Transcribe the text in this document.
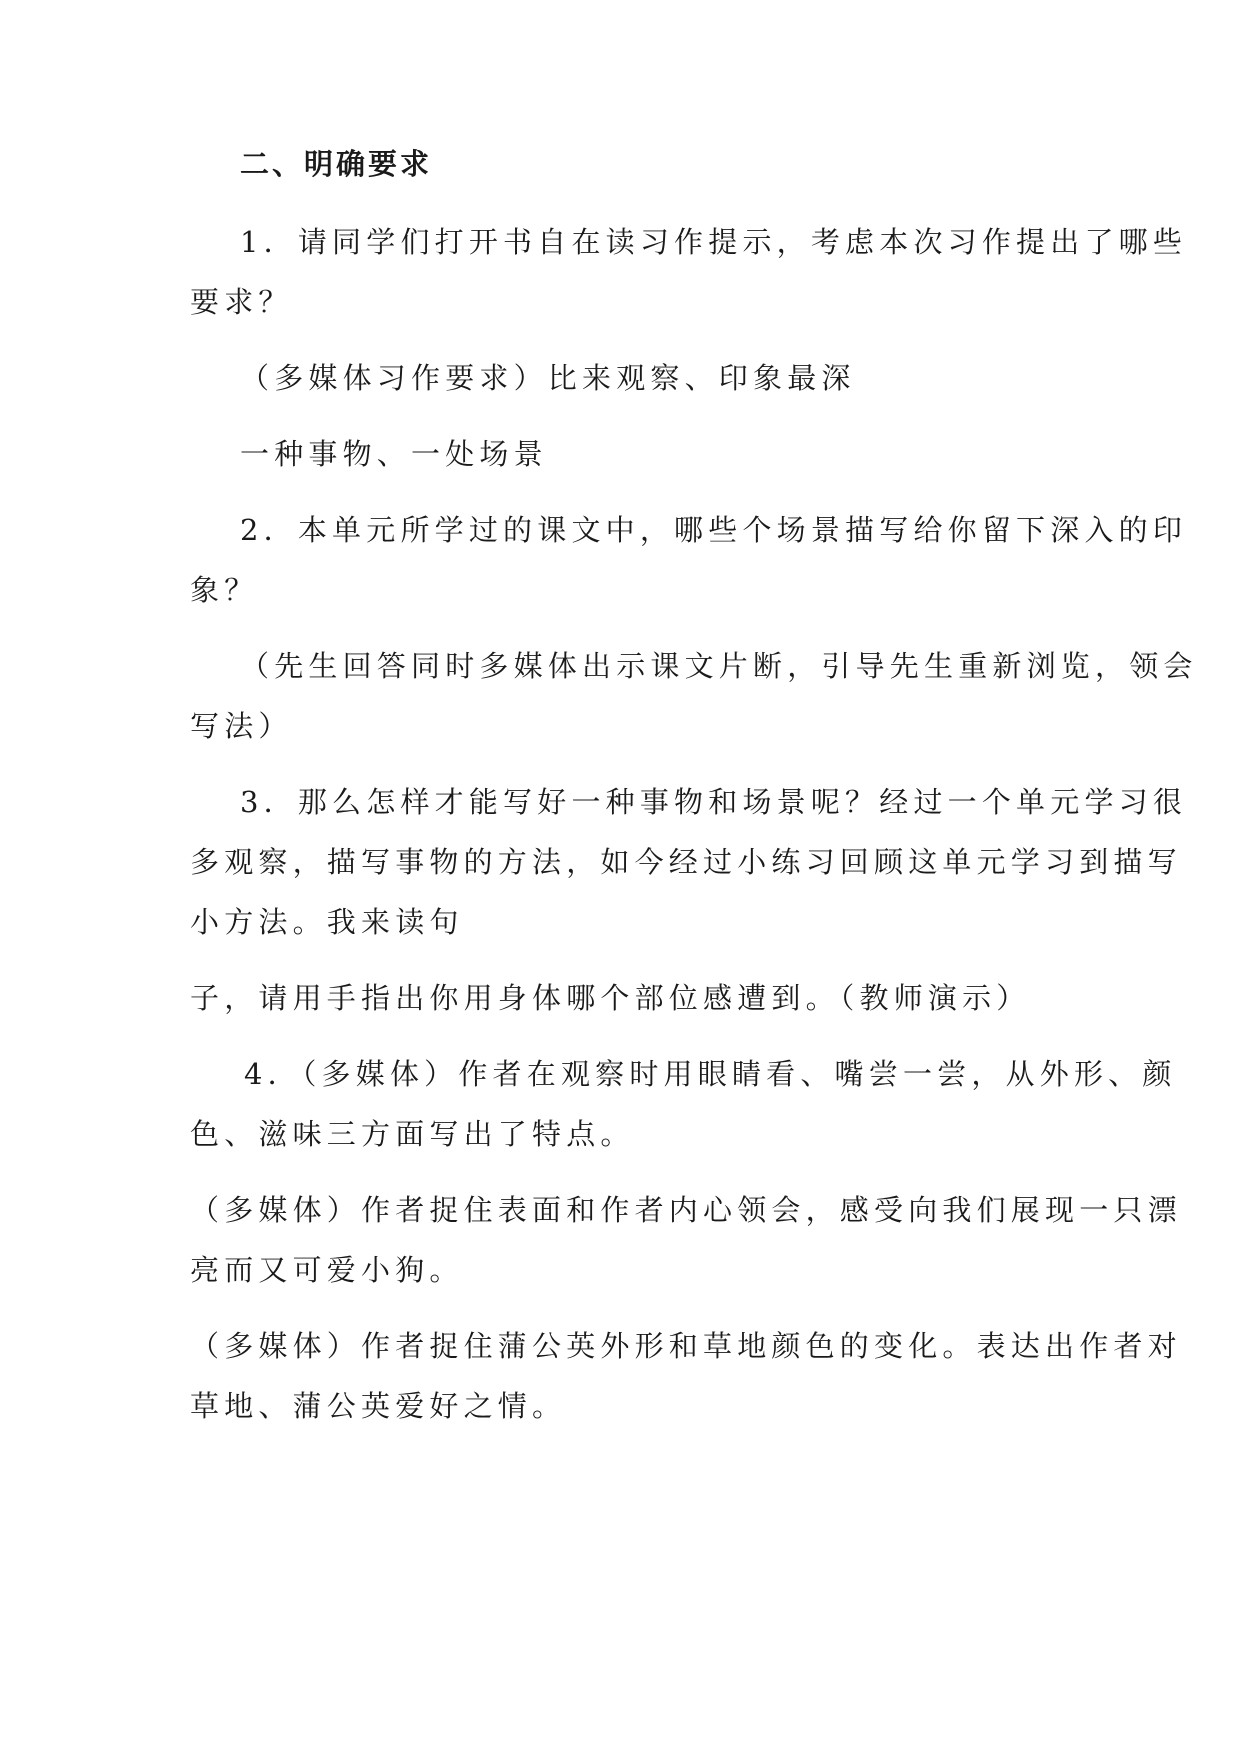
二、明确要求
1．请同学们打开书自在读习作提示，考虑本次习作提出了哪些
要求？
（多媒体习作要求）比来观察、印象最深
一种事物、一处场景
2．本单元所学过的课文中，哪些个场景描写给你留下深入的印
象？
（先生回答同时多媒体出示课文片断，引导先生重新浏览，领会
写法）
3．那么怎样才能写好一种事物和场景呢？经过一个单元学习很
多观察，描写事物的方法，如今经过小练习回顾这单元学习到描写
小方法。我来读句
子，请用手指出你用身体哪个部位感遭到。（教师演示）
4．（多媒体）作者在观察时用眼睛看、嘴尝一尝，从外形、颜
色、滋味三方面写出了特点。
（多媒体）作者捉住表面和作者内心领会，感受向我们展现一只漂
亮而又可爱小狗。
（多媒体）作者捉住蒲公英外形和草地颜色的变化。表达出作者对
草地、蒲公英爱好之情。
